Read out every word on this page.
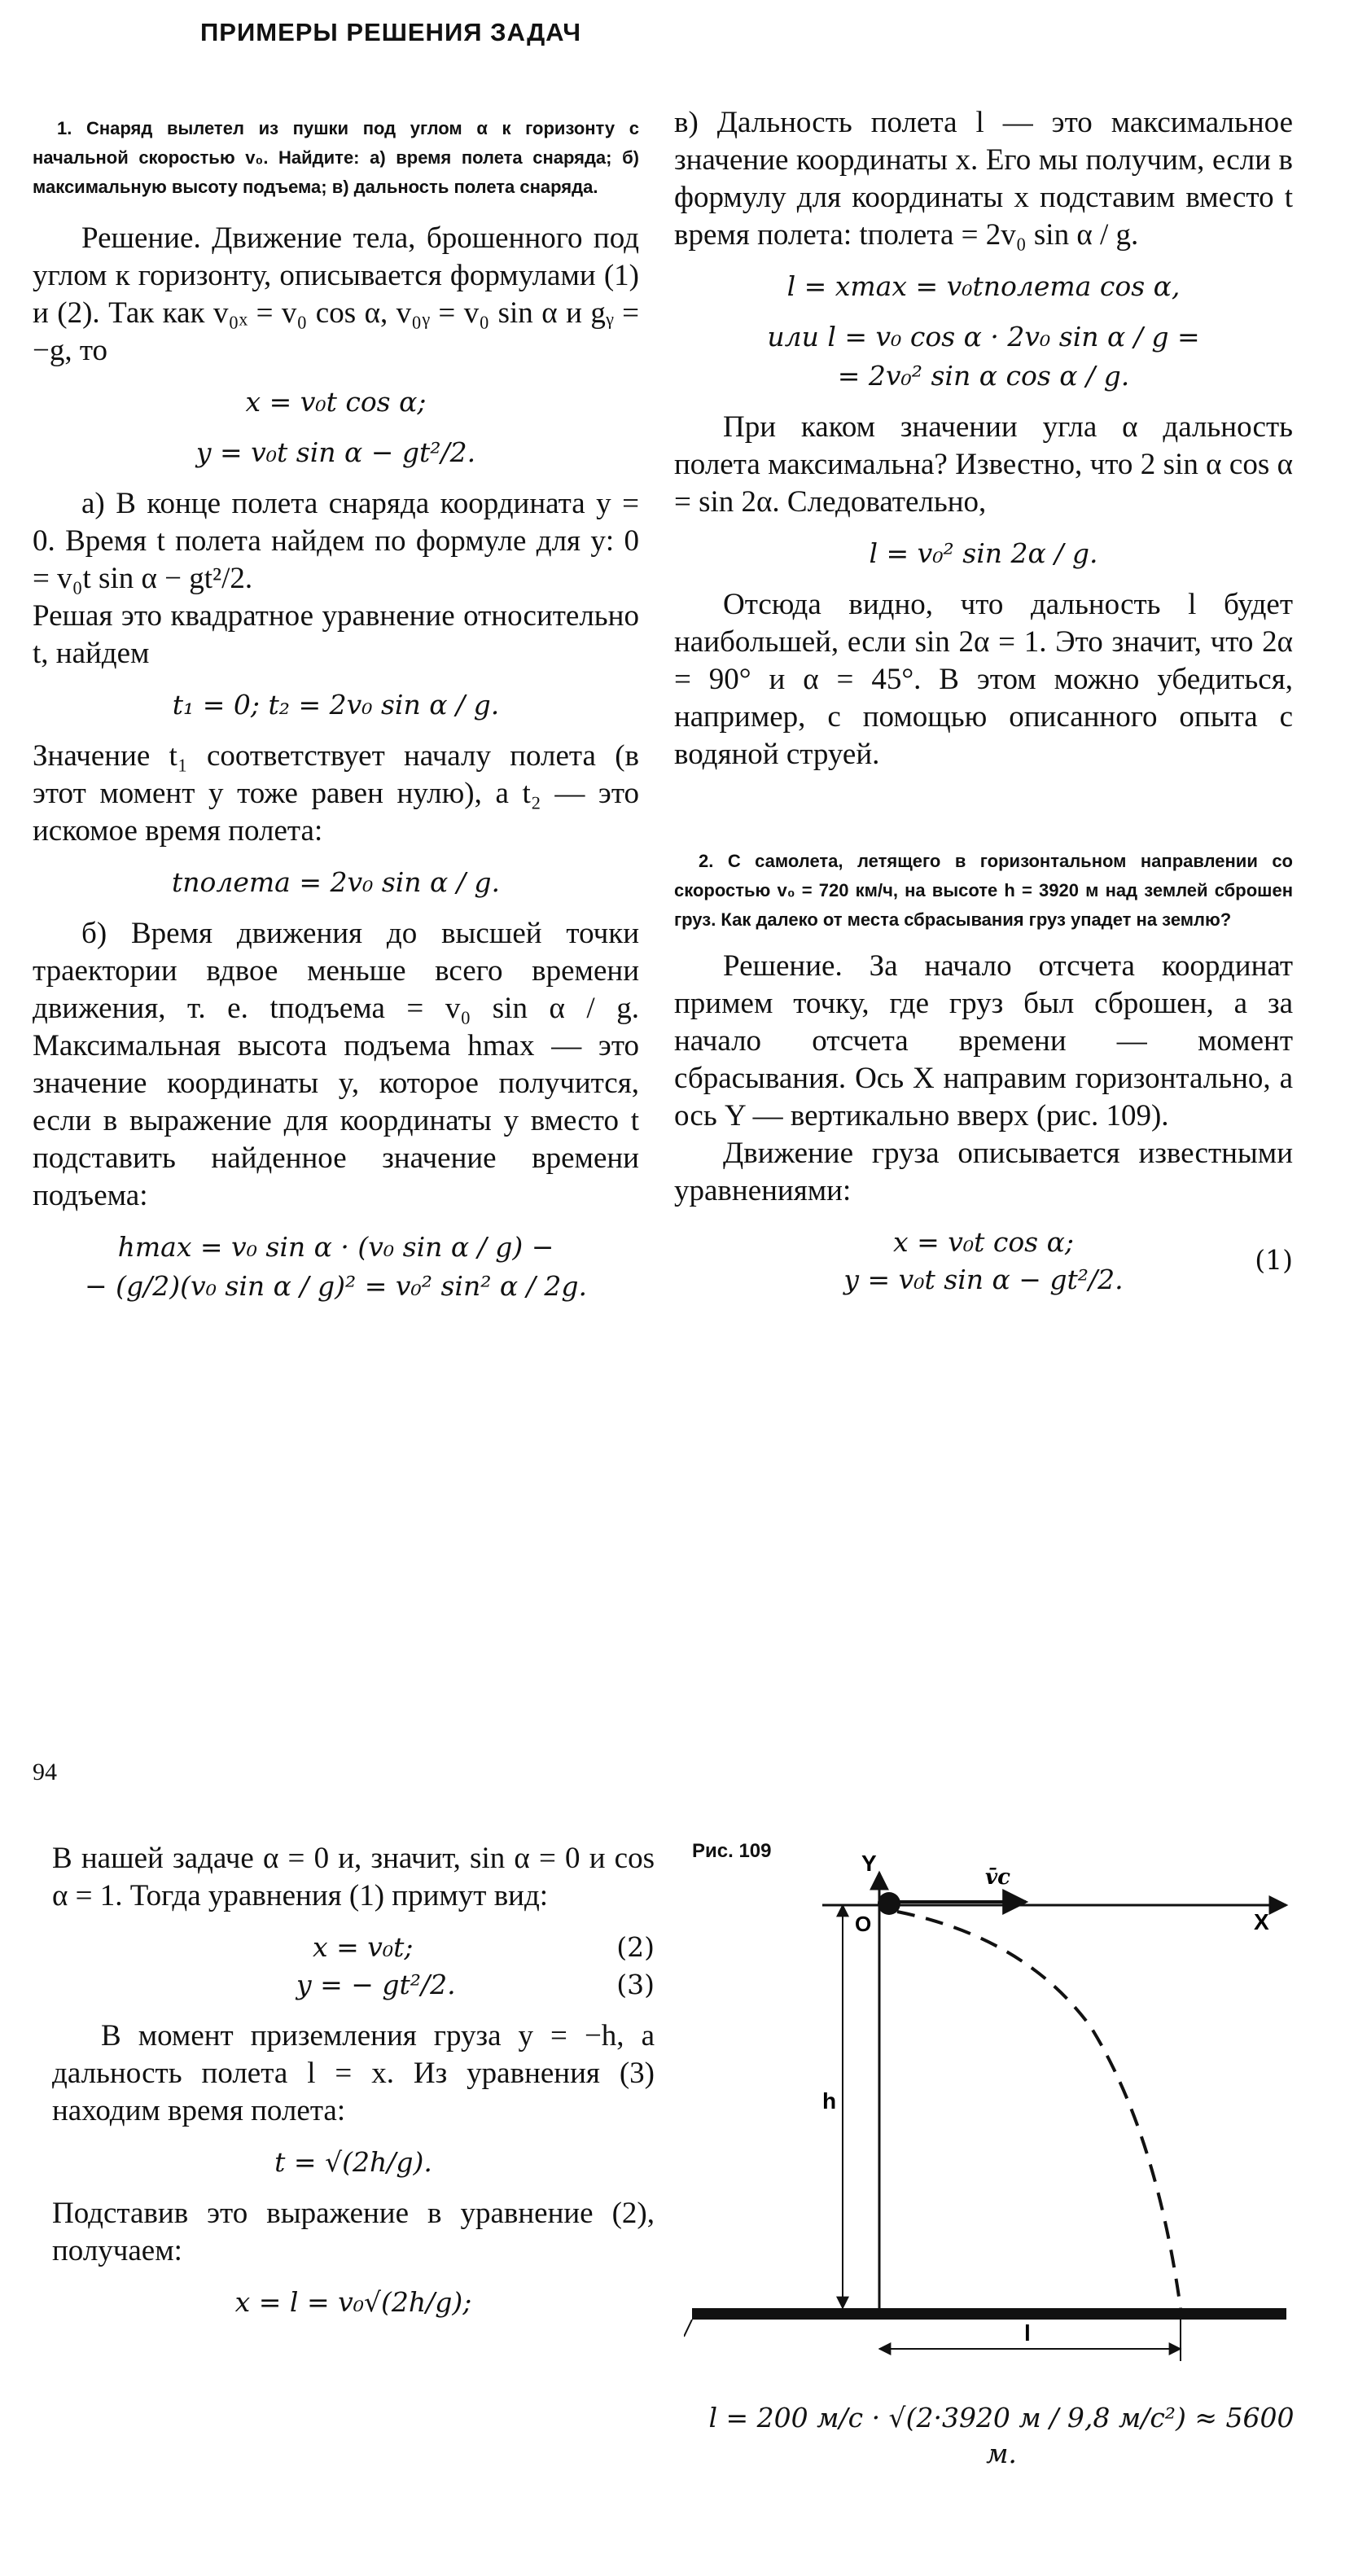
ПРИМЕРЫ РЕШЕНИЯ ЗАДАЧ

1. Снаряд вылетел из пушки под углом α к горизонту с начальной скоростью v₀. Найдите: а) время полета снаряда; б) максимальную высоту подъема; в) дальность полета снаряда.

Решение. Движение тела, брошенного под углом к горизонту, описывается формулами (1) и (2). Так как v₀ₓ = v₀ cos α, v₀ᵧ = v₀ sin α и gᵧ = −g, то

x = v₀t cos α;
y = v₀t sin α − gt²/2.

а) В конце полета снаряда координата y = 0. Время t полета найдем по формуле для y: 0 = v₀t sin α − gt²/2.

Решая это квадратное уравнение относительно t, найдем

t₁ = 0; t₂ = 2v₀ sin α / g.

Значение t₁ соответствует началу полета (в этот момент y тоже равен нулю), а t₂ — это искомое время полета:

tполета = 2v₀ sin α / g.

б) Время движения до высшей точки траектории вдвое меньше всего времени движения, т. е. tподъема = v₀ sin α / g. Максимальная высота подъема hmax — это значение координаты y, которое получится, если в выражение для координаты y вместо t подставить найденное значение времени подъема:

hmax = v₀ sin α · (v₀ sin α / g) −
− (g/2)(v₀ sin α / g)² = v₀² sin² α / 2g.

в) Дальность полета l — это максимальное значение координаты x. Его мы получим, если в формулу для координаты x подставим вместо t время полета: tполета = 2v₀ sin α / g.

l = xmax = v₀tполета cos α,
или l = v₀ cos α · 2v₀ sin α / g =
= 2v₀² sin α cos α / g.

При каком значении угла α дальность полета максимальна? Известно, что 2 sin α cos α = sin 2α. Следовательно,

l = v₀² sin 2α / g.

Отсюда видно, что дальность l будет наибольшей, если sin 2α = 1. Это значит, что 2α = 90° и α = 45°. В этом можно убедиться, например, с помощью описанного опыта с водяной струей.

2. С самолета, летящего в горизонтальном направлении со скоростью v₀ = 720 км/ч, на высоте h = 3920 м над землей сброшен груз. Как далеко от места сбрасывания груз упадет на землю?

Решение. За начало отсчета координат примем точку, где груз был сброшен, а за начало отсчета времени — момент сбрасывания. Ось X направим горизонтально, а ось Y — вертикально вверх (рис. 109).

Движение груза описывается известными уравнениями:

x = v₀t cos α;
y = v₀t sin α − gt²/2.
(1)
94

В нашей задаче α = 0 и, значит, sin α = 0 и cos α = 1. Тогда уравнения (1) примут вид:

x = v₀t;	(2)
y = − gt²/2.	(3)

В момент приземления груза y = −h, а дальность полета l = x. Из уравнения (3) находим время полета:

t = √(2h/g).

Подставив это выражение в уравнение (2), получаем:

x = l = v₀√(2h/g);
Рис. 109	Y
X
O
v̄c
h
l
l = 200 м/с · √(2·3920 м / 9,8 м/с²) ≈ 5600 м.
